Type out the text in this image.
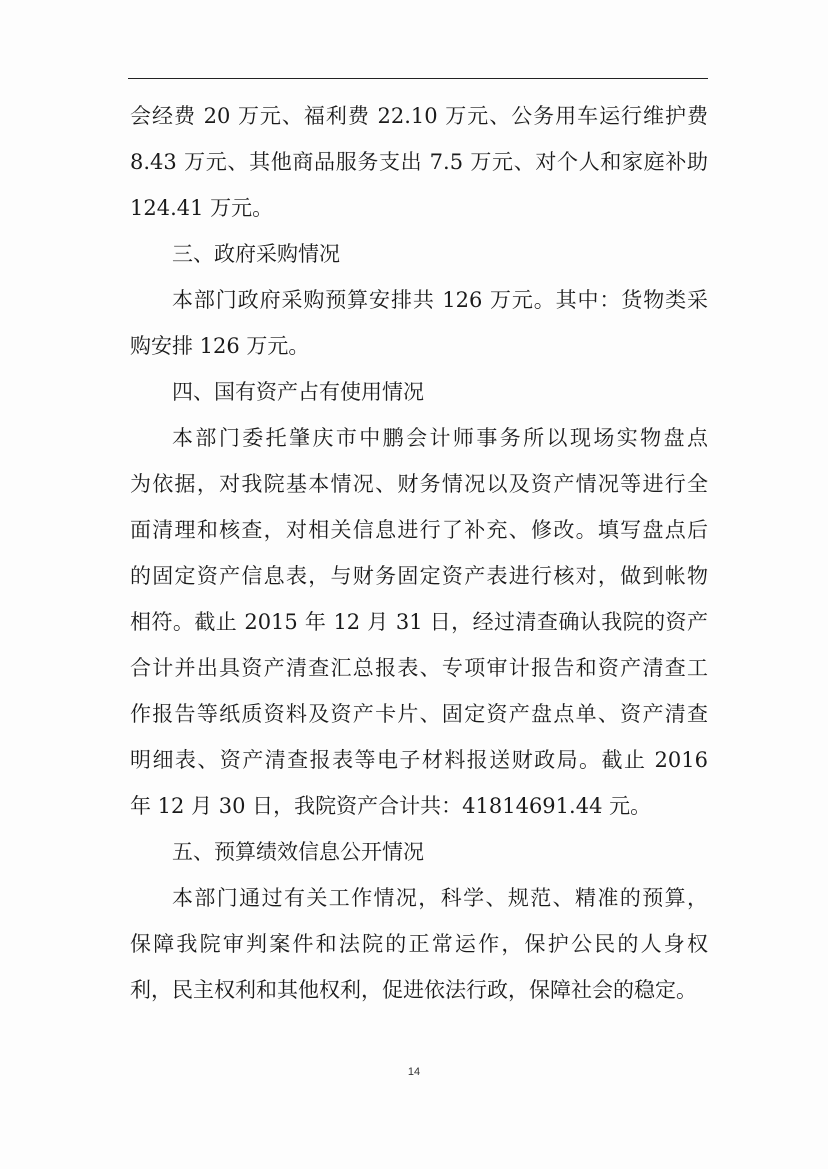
会经费 20 万元、福利费 22.10 万元、公务用车运行维护费
8.43 万元、其他商品服务支出 7.5 万元、对个人和家庭补助
124.41 万元。
三、政府采购情况
本部门政府采购预算安排共 126 万元。其中：货物类采
购安排 126 万元。
四、国有资产占有使用情况
本部门委托肇庆市中鹏会计师事务所以现场实物盘点
为依据，对我院基本情况、财务情况以及资产情况等进行全
面清理和核查，对相关信息进行了补充、修改。填写盘点后
的固定资产信息表，与财务固定资产表进行核对，做到帐物
相符。截止 2015 年 12 月 31 日，经过清查确认我院的资产
合计并出具资产清查汇总报表、专项审计报告和资产清查工
作报告等纸质资料及资产卡片、固定资产盘点单、资产清查
明细表、资产清查报表等电子材料报送财政局。截止 2016
年 12 月 30 日，我院资产合计共：41814691.44 元。
五、预算绩效信息公开情况
本部门通过有关工作情况，科学、规范、精准的预算，
保障我院审判案件和法院的正常运作，保护公民的人身权
利，民主权利和其他权利，促进依法行政，保障社会的稳定。
14
